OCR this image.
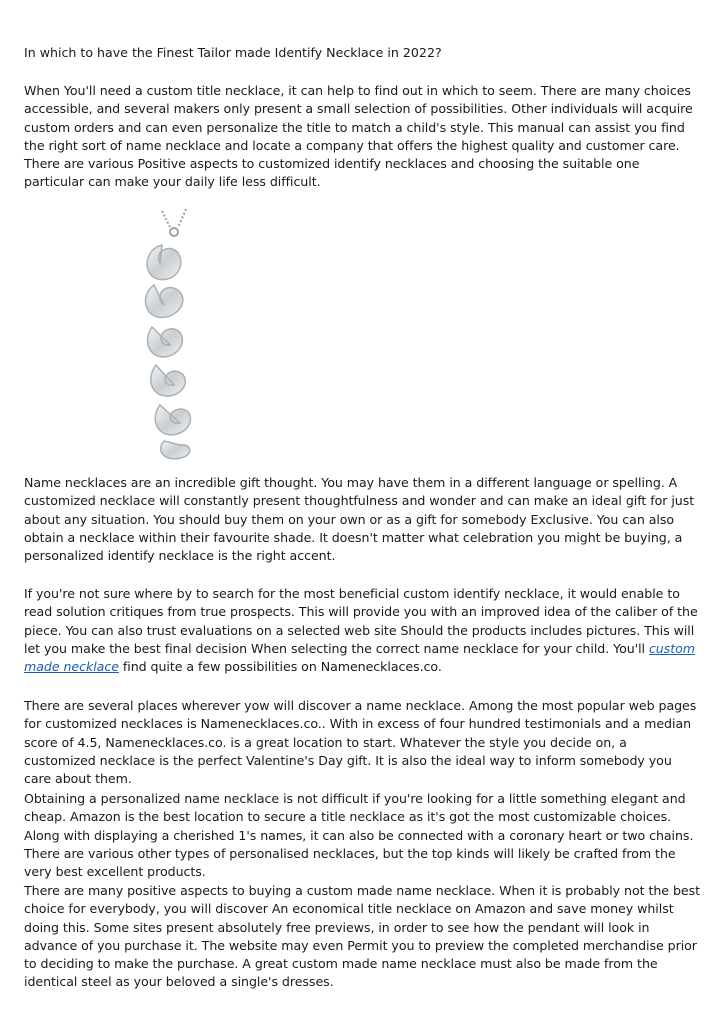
In which to have the Finest Tailor made Identify Necklace in 2022?

When You'll need a custom title necklace, it can help to find out in which to seem. There are many choices accessible, and several makers only present a small selection of possibilities. Other individuals will acquire custom orders and can even personalize the title to match a child's style. This manual can assist you find the right sort of name necklace and locate a company that offers the highest quality and customer care. There are various Positive aspects to customized identify necklaces and choosing the suitable one particular can make your daily life less difficult.

Name necklaces are an incredible gift thought. You may have them in a different language or spelling. A customized necklace will constantly present thoughtfulness and wonder and can make an ideal gift for just about any situation. You should buy them on your own or as a gift for somebody Exclusive. You can also obtain a necklace within their favourite shade. It doesn't matter what celebration you might be buying, a personalized identify necklace is the right accent.

If you're not sure where by to search for the most beneficial custom identify necklace, it would enable to read solution critiques from true prospects. This will provide you with an improved idea of the caliber of the piece. You can also trust evaluations on a selected web site Should the products includes pictures. This will let you make the best final decision When selecting the correct name necklace for your child. You'll custom made necklace find quite a few possibilities on Namenecklaces.co.

There are several places wherever yow will discover a name necklace. Among the most popular web pages for customized necklaces is Namenecklaces.co.. With in excess of four hundred testimonials and a median score of 4.5, Namenecklaces.co. is a great location to start. Whatever the style you decide on, a customized necklace is the perfect Valentine's Day gift. It is also the ideal way to inform somebody you care about them.

Obtaining a personalized name necklace is not difficult if you're looking for a little something elegant and cheap. Amazon is the best location to secure a title necklace as it's got the most customizable choices. Along with displaying a cherished 1's names, it can also be connected with a coronary heart or two chains. There are various other types of personalised necklaces, but the top kinds will likely be crafted from the very best excellent products.

There are many positive aspects to buying a custom made name necklace. When it is probably not the best choice for everybody, you will discover An economical title necklace on Amazon and save money whilst doing this. Some sites present absolutely free previews, in order to see how the pendant will look in advance of you purchase it. The website may even Permit you to preview the completed merchandise prior to deciding to make the purchase. A great custom made name necklace must also be made from the identical steel as your beloved a single's dresses.
